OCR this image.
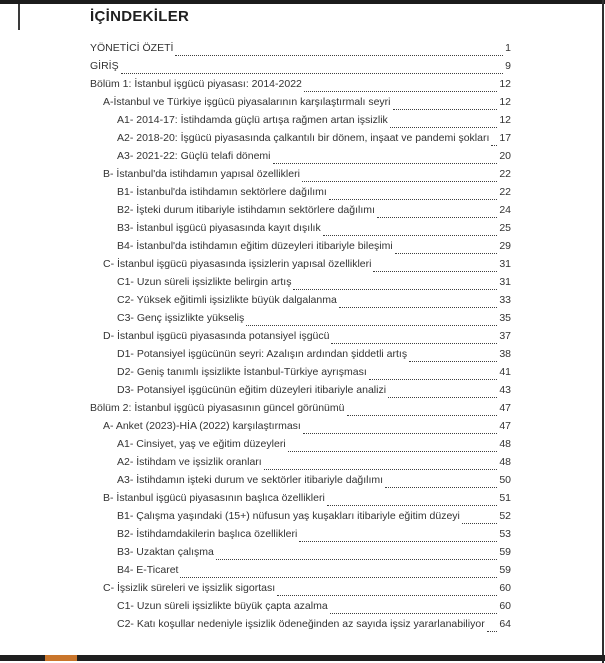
İÇİNDEKİLER
YÖNETİCİ ÖZETİ	1
GİRİŞ	9
Bölüm 1: İstanbul işgücü piyasası: 2014-2022	12
A-İstanbul ve Türkiye işgücü piyasalarının karşılaştırmalı seyri	12
A1- 2014-17: İstihdamda güçlü artışa rağmen artan işsizlik	12
A2- 2018-20: İşgücü piyasasında çalkantılı bir dönem, inşaat ve pandemi şokları 17
A3- 2021-22: Güçlü telafi dönemi	20
B- İstanbul'da istihdamın yapısal özellikleri	22
B1- İstanbul'da istihdamın sektörlere dağılımı	22
B2- İşteki durum itibariyle istihdamın sektörlere dağılımı	24
B3- İstanbul işgücü piyasasında kayıt dışılık	25
B4- İstanbul'da istihdamın eğitim düzeyleri itibariyle bileşimi	29
C- İstanbul işgücü piyasasında işsizlerin yapısal özellikleri	31
C1- Uzun süreli işsizlikte belirgin artış	31
C2- Yüksek eğitimli işsizlikte büyük dalgalanma	33
C3- Genç işsizlikte yükseliş	35
D- İstanbul işgücü piyasasında potansiyel işgücü	37
D1- Potansiyel işgücünün seyri: Azalışın ardından şiddetli artış	38
D2- Geniş tanımlı işsizlikte İstanbul-Türkiye ayrışması	41
D3- Potansiyel işgücünün eğitim düzeyleri itibariyle analizi	43
Bölüm 2: İstanbul işgücü piyasasının güncel görünümü	47
A- Anket (2023)-HİA (2022) karşılaştırması	47
A1- Cinsiyet, yaş ve eğitim düzeyleri	48
A2- İstihdam ve işsizlik oranları	48
A3- İstihdamın işteki durum ve sektörler itibariyle dağılımı	50
B- İstanbul işgücü piyasasının başlıca özellikleri	51
B1- Çalışma yaşındaki (15+) nüfusun yaş kuşakları itibariyle eğitim düzeyi	52
B2- İstihdamdakilerin başlıca özellikleri	53
B3- Uzaktan çalışma	59
B4- E-Ticaret	59
C- İşsizlik süreleri ve işsizlik sigortası	60
C1- Uzun süreli işsizlikte büyük çapta azalma	60
C2- Katı koşullar nedeniyle işsizlik ödeneğinden az sayıda işsiz yararlanabiliyor 64
